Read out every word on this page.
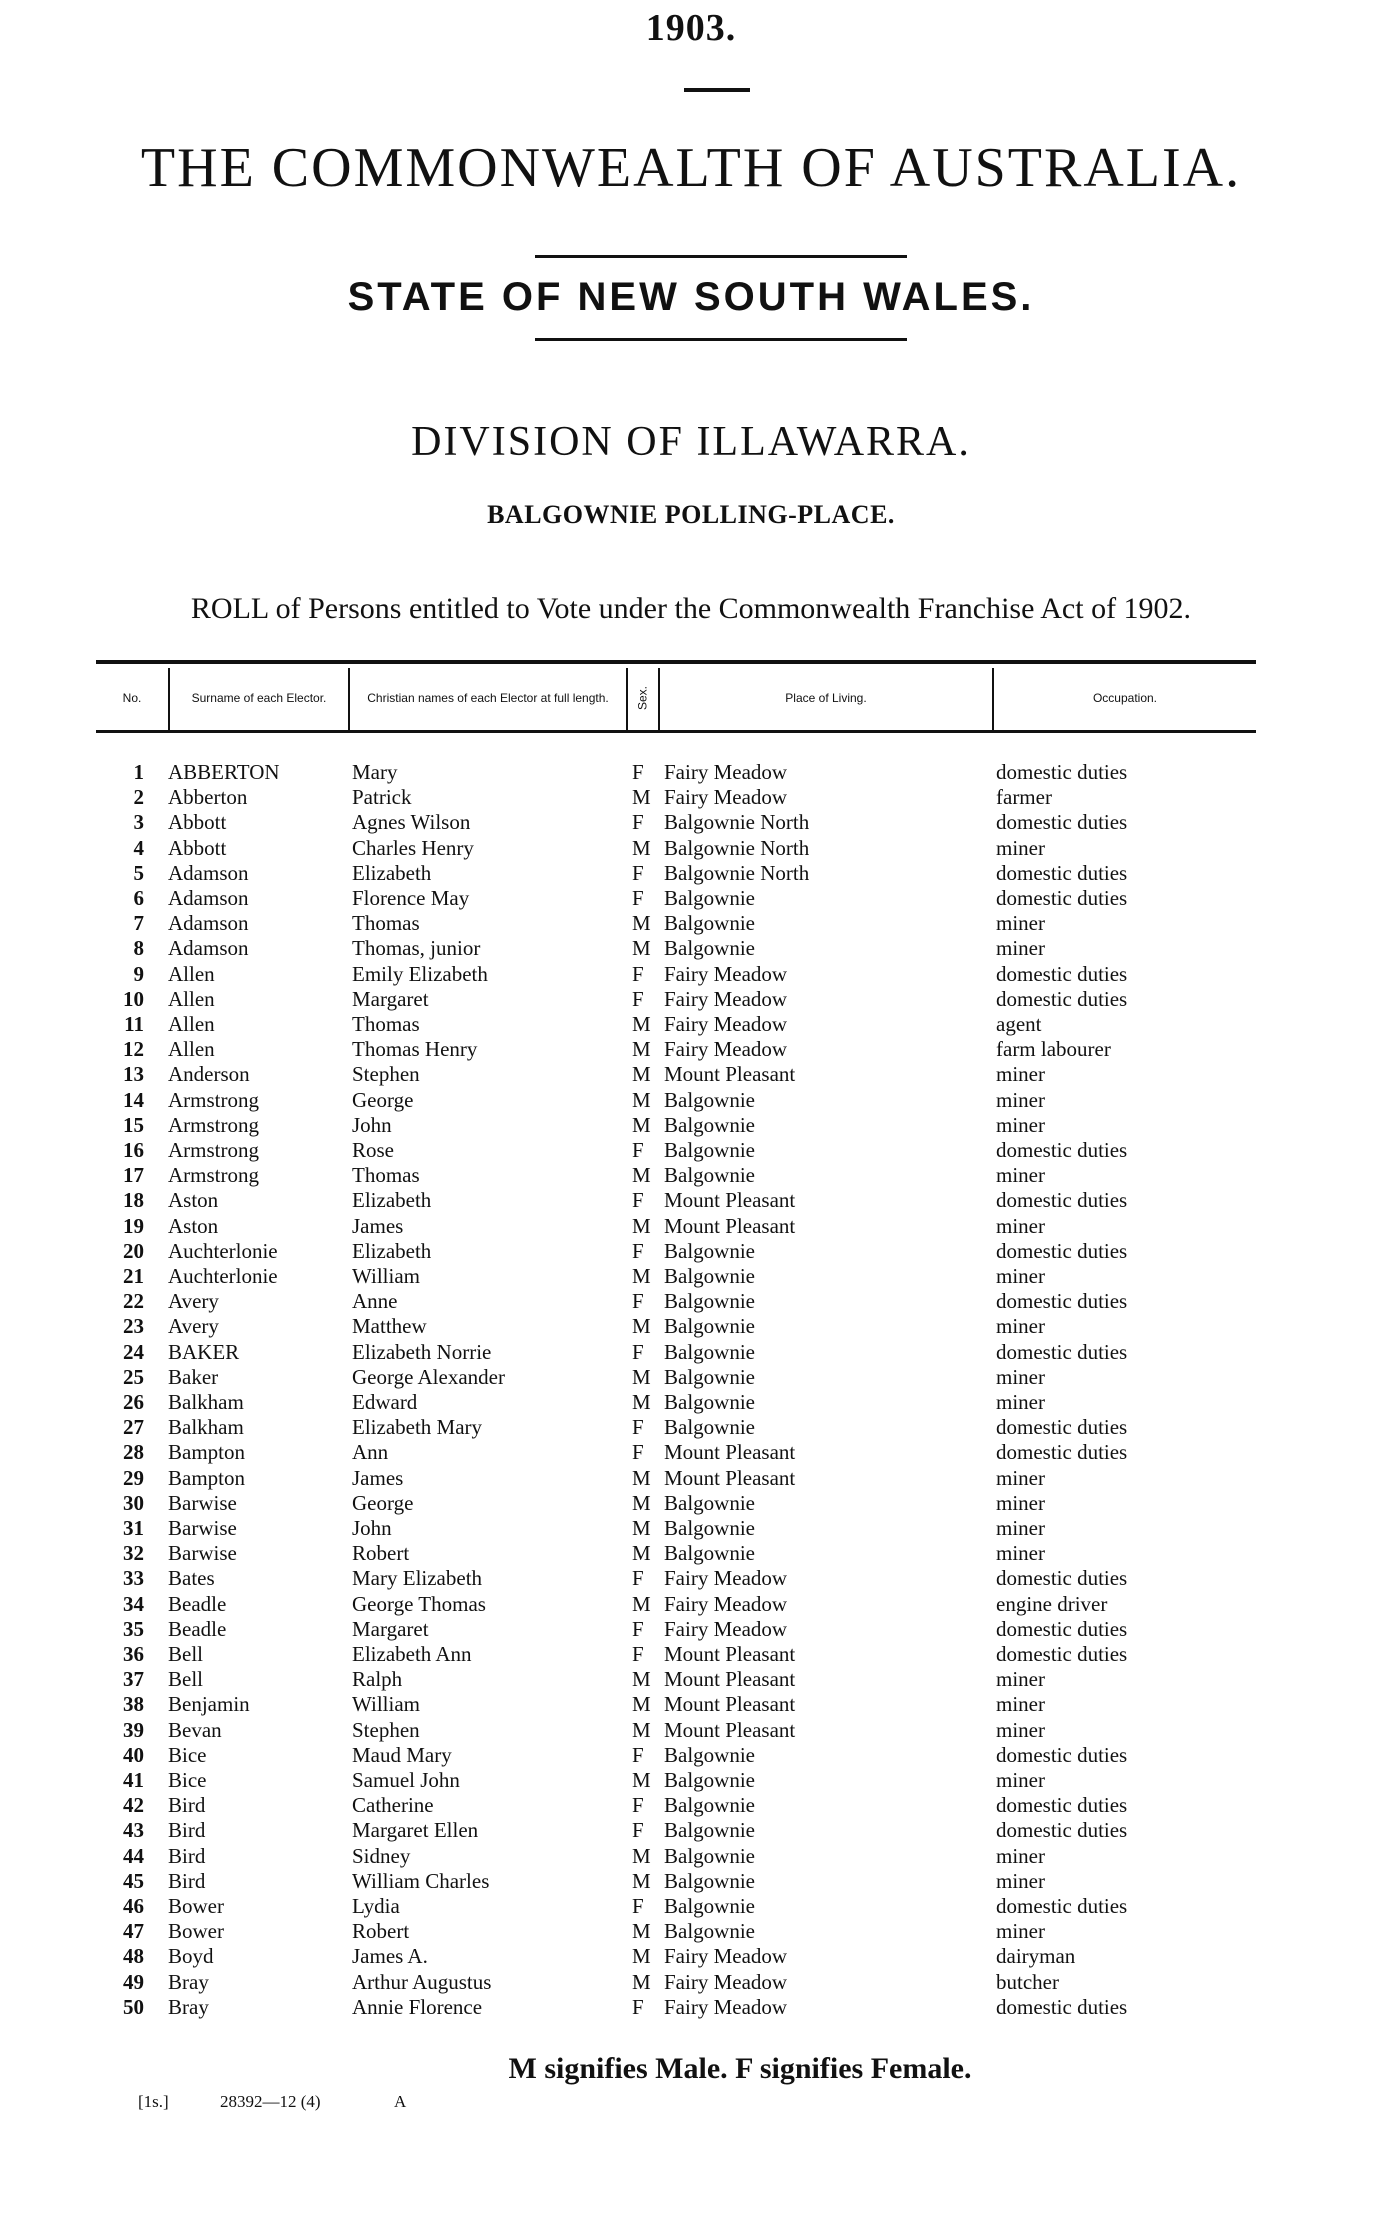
1903.
THE COMMONWEALTH OF AUSTRALIA.
STATE OF NEW SOUTH WALES.
DIVISION OF ILLAWARRA.
BALGOWNIE POLLING-PLACE.
ROLL of Persons entitled to Vote under the Commonwealth Franchise Act of 1902.
No.	Surname of each Elector.	Christian names of each Elector at full length.	Sex.	Place of Living.	Occupation.
1 ABBERTON	Mary	F Fairy Meadow	domestic duties
2 Abberton	Patrick	M Fairy Meadow	farmer
3 Abbott	Agnes Wilson	F Balgownie North	domestic duties
4 Abbott	Charles Henry	M Balgownie North	miner
5 Adamson	Elizabeth	F Balgownie North	domestic duties
6 Adamson	Florence May	F Balgownie	domestic duties
7 Adamson	Thomas	M Balgownie	miner
8 Adamson	Thomas, junior	M Balgownie	miner
9 Allen	Emily Elizabeth	F Fairy Meadow	domestic duties
10 Allen	Margaret	F Fairy Meadow	domestic duties
11 Allen	Thomas	M Fairy Meadow	agent
12 Allen	Thomas Henry	M Fairy Meadow	farm labourer
13 Anderson	Stephen	M Mount Pleasant	miner
14 Armstrong	George	M Balgownie	miner
15 Armstrong	John	M Balgownie	miner
16 Armstrong	Rose	F Balgownie	domestic duties
17 Armstrong	Thomas	M Balgownie	miner
18 Aston	Elizabeth	F Mount Pleasant	domestic duties
19 Aston	James	M Mount Pleasant	miner
20 Auchterlonie	Elizabeth	F Balgownie	domestic duties
21 Auchterlonie	William	M Balgownie	miner
22 Avery	Anne	F Balgownie	domestic duties
23 Avery	Matthew	M Balgownie	miner
24 BAKER	Elizabeth Norrie	F Balgownie	domestic duties
25 Baker	George Alexander	M Balgownie	miner
26 Balkham	Edward	M Balgownie	miner
27 Balkham	Elizabeth Mary	F Balgownie	domestic duties
28 Bampton	Ann	F Mount Pleasant	domestic duties
29 Bampton	James	M Mount Pleasant	miner
30 Barwise	George	M Balgownie	miner
31 Barwise	John	M Balgownie	miner
32 Barwise	Robert	M Balgownie	miner
33 Bates	Mary Elizabeth	F Fairy Meadow	domestic duties
34 Beadle	George Thomas	M Fairy Meadow	engine driver
35 Beadle	Margaret	F Fairy Meadow	domestic duties
36 Bell	Elizabeth Ann	F Mount Pleasant	domestic duties
37 Bell	Ralph	M Mount Pleasant	miner
38 Benjamin	William	M Mount Pleasant	miner
39 Bevan	Stephen	M Mount Pleasant	miner
40 Bice	Maud Mary	F Balgownie	domestic duties
41 Bice	Samuel John	M Balgownie	miner
42 Bird	Catherine	F Balgownie	domestic duties
43 Bird	Margaret Ellen	F Balgownie	domestic duties
44 Bird	Sidney	M Balgownie	miner
45 Bird	William Charles	M Balgownie	miner
46 Bower	Lydia	F Balgownie	domestic duties
47 Bower	Robert	M Balgownie	miner
48 Boyd	James A.	M Fairy Meadow	dairyman
49 Bray	Arthur Augustus	M Fairy Meadow	butcher
50 Bray	Annie Florence	F Fairy Meadow	domestic duties
M signifies Male. F signifies Female.
[1s.]	28392—12 (4)	A
